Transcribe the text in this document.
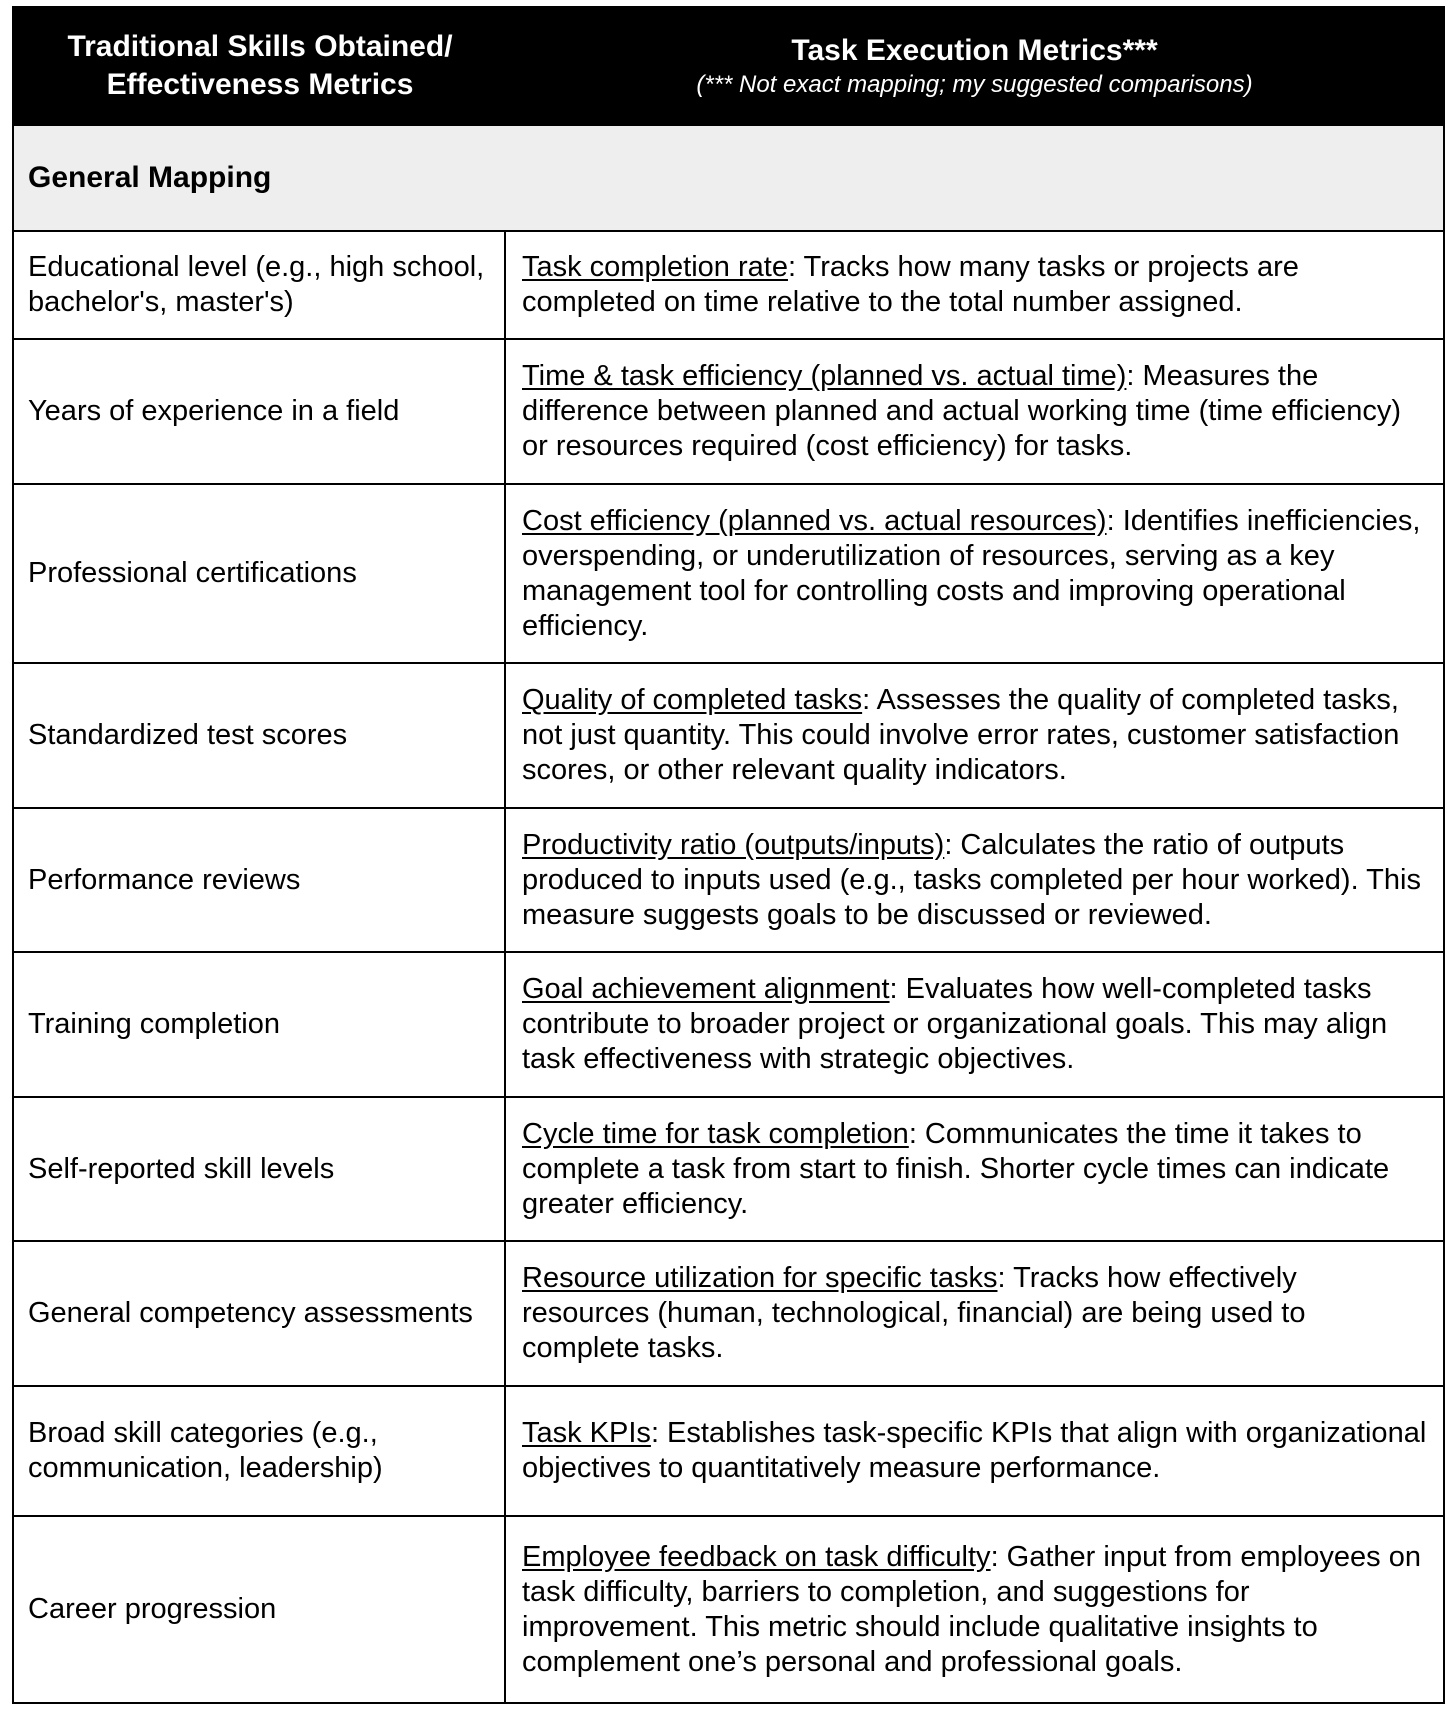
Traditional Skills Obtained/ Effectiveness Metrics
Task Execution Metrics***
(*** Not exact mapping; my suggested comparisons)
General Mapping
Educational level (e.g., high school, bachelor's, master's)
Task completion rate: Tracks how many tasks or projects are completed on time relative to the total number assigned.
Years of experience in a field
Time & task efficiency (planned vs. actual time): Measures the difference between planned and actual working time (time efficiency) or resources required (cost efficiency) for tasks.
Professional certifications
Cost efficiency (planned vs. actual resources): Identifies inefficiencies, overspending, or underutilization of resources, serving as a key management tool for controlling costs and improving operational efficiency.
Standardized test scores
Quality of completed tasks: Assesses the quality of completed tasks, not just quantity. This could involve error rates, customer satisfaction scores, or other relevant quality indicators.
Performance reviews
Productivity ratio (outputs/inputs): Calculates the ratio of outputs produced to inputs used (e.g., tasks completed per hour worked). This measure suggests goals to be discussed or reviewed.
Training completion
Goal achievement alignment: Evaluates how well-completed tasks contribute to broader project or organizational goals. This may align task effectiveness with strategic objectives.
Self-reported skill levels
Cycle time for task completion: Communicates the time it takes to complete a task from start to finish. Shorter cycle times can indicate greater efficiency.
General competency assessments
Resource utilization for specific tasks: Tracks how effectively resources (human, technological, financial) are being used to complete tasks.
Broad skill categories (e.g., communication, leadership)
Task KPIs: Establishes task-specific KPIs that align with organizational objectives to quantitatively measure performance.
Career progression
Employee feedback on task difficulty: Gather input from employees on task difficulty, barriers to completion, and suggestions for improvement. This metric should include qualitative insights to complement one’s personal and professional goals.
